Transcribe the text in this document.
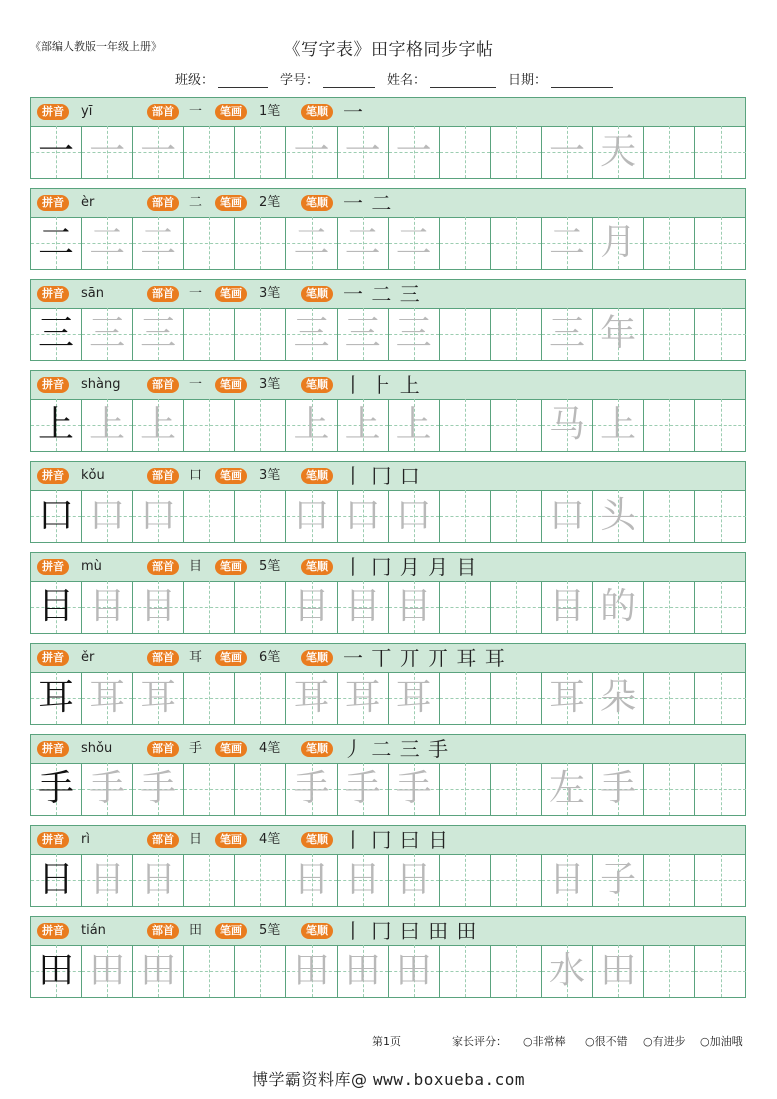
《部编人教版一年级上册》	《写字表》田字格同步字帖
班级：	学号：	姓名：	日期：
拼音	yī	部首	一	笔画	1笔	笔顺 一
一 一 一	一 一 一	一 天
拼音	èr	部首	二	笔画	2笔	笔顺 一 二
二 二 二	二 二 二	二 月
拼音	sān	部首	一	笔画	3笔	笔顺 一 二 三
三 三 三	三 三 三	三 年
拼音	shàng	部首	一	笔画	3笔	笔顺 丨 ⺊ 上
上 上 上	上 上 上	马 上
拼音	kǒu	部首	口	笔画	3笔	笔顺 丨 冂 口
口 口 口	口 口 口	口 头
拼音	mù	部首	目	笔画	5笔	笔顺 丨 冂 月 月 目
目 目 目	目 目 目	目 的
拼音	ěr	部首	耳	笔画	6笔	笔顺 一 丅 丌 丌 耳 耳
耳 耳 耳	耳 耳 耳	耳 朵
拼音	shǒu	部首	手	笔画	4笔	笔顺 丿 二 三 手
手 手 手	手 手 手	左 手
拼音	rì	部首	日	笔画	4笔	笔顺 丨 冂 曰 日
日 日 日	日 日 日	日 子
拼音	tián	部首	田	笔画	5笔	笔顺 丨 冂 曰 田 田
田 田 田	田 田 田	水 田
第1页	家长评分： ○非常棒 ○很不错 ○有进步 ○加油哦
博学霸资料库@ www.boxueba.com
